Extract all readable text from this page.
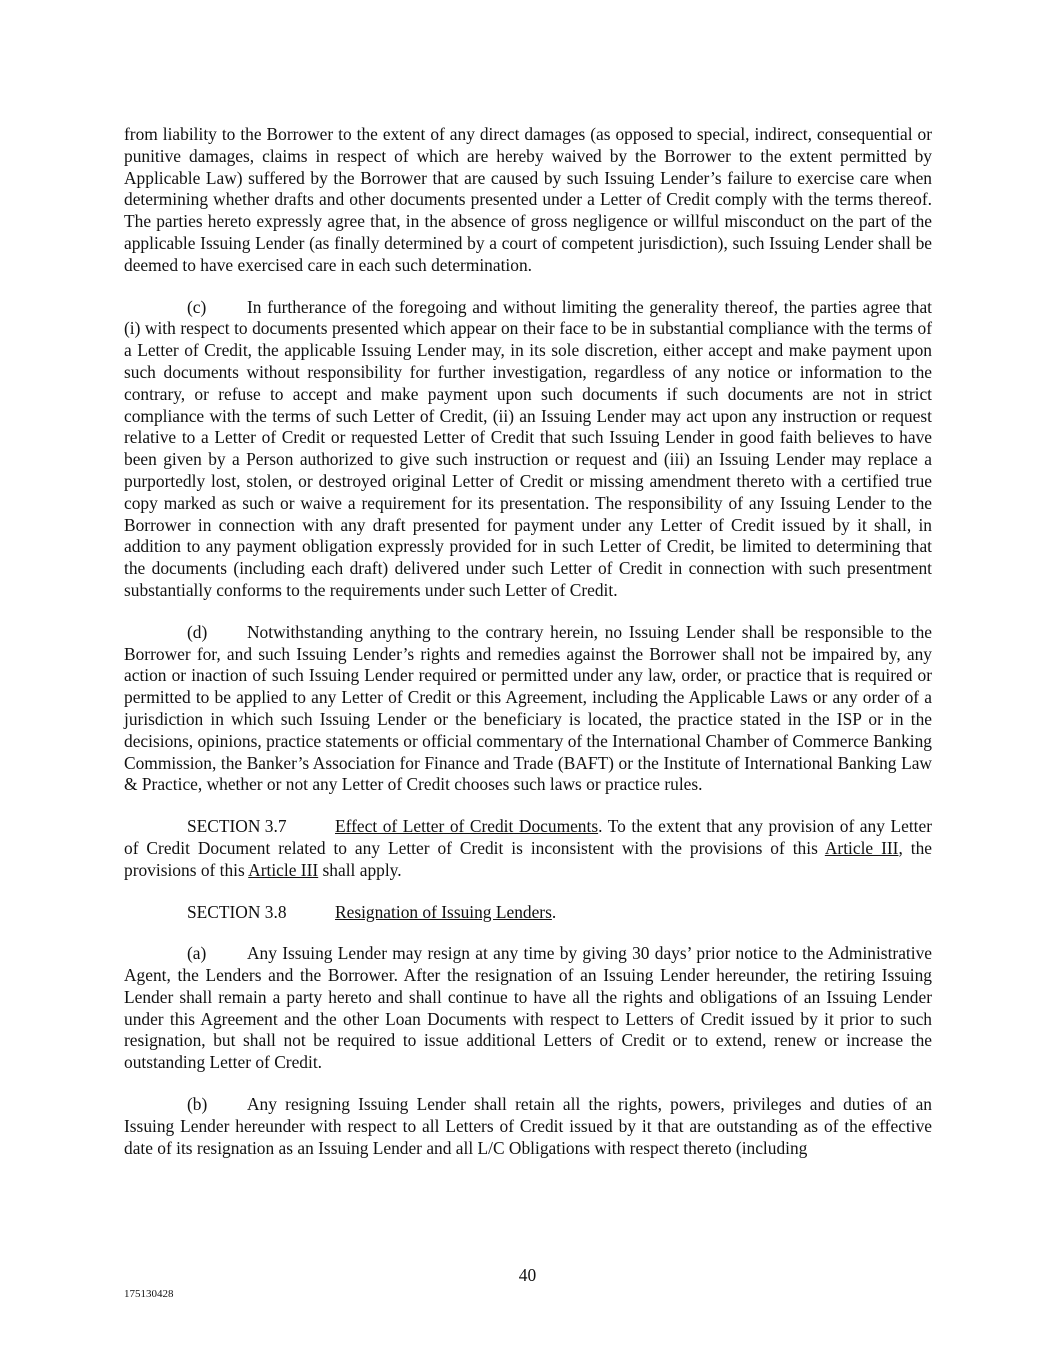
from liability to the Borrower to the extent of any direct damages (as opposed to special, indirect, consequential or punitive damages, claims in respect of which are hereby waived by the Borrower to the extent permitted by Applicable Law) suffered by the Borrower that are caused by such Issuing Lender’s failure to exercise care when determining whether drafts and other documents presented under a Letter of Credit comply with the terms thereof. The parties hereto expressly agree that, in the absence of gross negligence or willful misconduct on the part of the applicable Issuing Lender (as finally determined by a court of competent jurisdiction), such Issuing Lender shall be deemed to have exercised care in each such determination.

(c) In furtherance of the foregoing and without limiting the generality thereof, the parties agree that (i) with respect to documents presented which appear on their face to be in substantial compliance with the terms of a Letter of Credit, the applicable Issuing Lender may, in its sole discretion, either accept and make payment upon such documents without responsibility for further investigation, regardless of any notice or information to the contrary, or refuse to accept and make payment upon such documents if such documents are not in strict compliance with the terms of such Letter of Credit, (ii) an Issuing Lender may act upon any instruction or request relative to a Letter of Credit or requested Letter of Credit that such Issuing Lender in good faith believes to have been given by a Person authorized to give such instruction or request and (iii) an Issuing Lender may replace a purportedly lost, stolen, or destroyed original Letter of Credit or missing amendment thereto with a certified true copy marked as such or waive a requirement for its presentation. The responsibility of any Issuing Lender to the Borrower in connection with any draft presented for payment under any Letter of Credit issued by it shall, in addition to any payment obligation expressly provided for in such Letter of Credit, be limited to determining that the documents (including each draft) delivered under such Letter of Credit in connection with such presentment substantially conforms to the requirements under such Letter of Credit.

(d) Notwithstanding anything to the contrary herein, no Issuing Lender shall be responsible to the Borrower for, and such Issuing Lender’s rights and remedies against the Borrower shall not be impaired by, any action or inaction of such Issuing Lender required or permitted under any law, order, or practice that is required or permitted to be applied to any Letter of Credit or this Agreement, including the Applicable Laws or any order of a jurisdiction in which such Issuing Lender or the beneficiary is located, the practice stated in the ISP or in the decisions, opinions, practice statements or official commentary of the International Chamber of Commerce Banking Commission, the Banker’s Association for Finance and Trade (BAFT) or the Institute of International Banking Law & Practice, whether or not any Letter of Credit chooses such laws or practice rules.

SECTION 3.7	Effect of Letter of Credit Documents. To the extent that any provision of any Letter of Credit Document related to any Letter of Credit is inconsistent with the provisions of this Article III, the provisions of this Article III shall apply.

SECTION 3.8	Resignation of Issuing Lenders.

(a) Any Issuing Lender may resign at any time by giving 30 days’ prior notice to the Administrative Agent, the Lenders and the Borrower. After the resignation of an Issuing Lender hereunder, the retiring Issuing Lender shall remain a party hereto and shall continue to have all the rights and obligations of an Issuing Lender under this Agreement and the other Loan Documents with respect to Letters of Credit issued by it prior to such resignation, but shall not be required to issue additional Letters of Credit or to extend, renew or increase the outstanding Letter of Credit.

(b) Any resigning Issuing Lender shall retain all the rights, powers, privileges and duties of an Issuing Lender hereunder with respect to all Letters of Credit issued by it that are outstanding as of the effective date of its resignation as an Issuing Lender and all L/C Obligations with respect thereto (including

40
175130428
